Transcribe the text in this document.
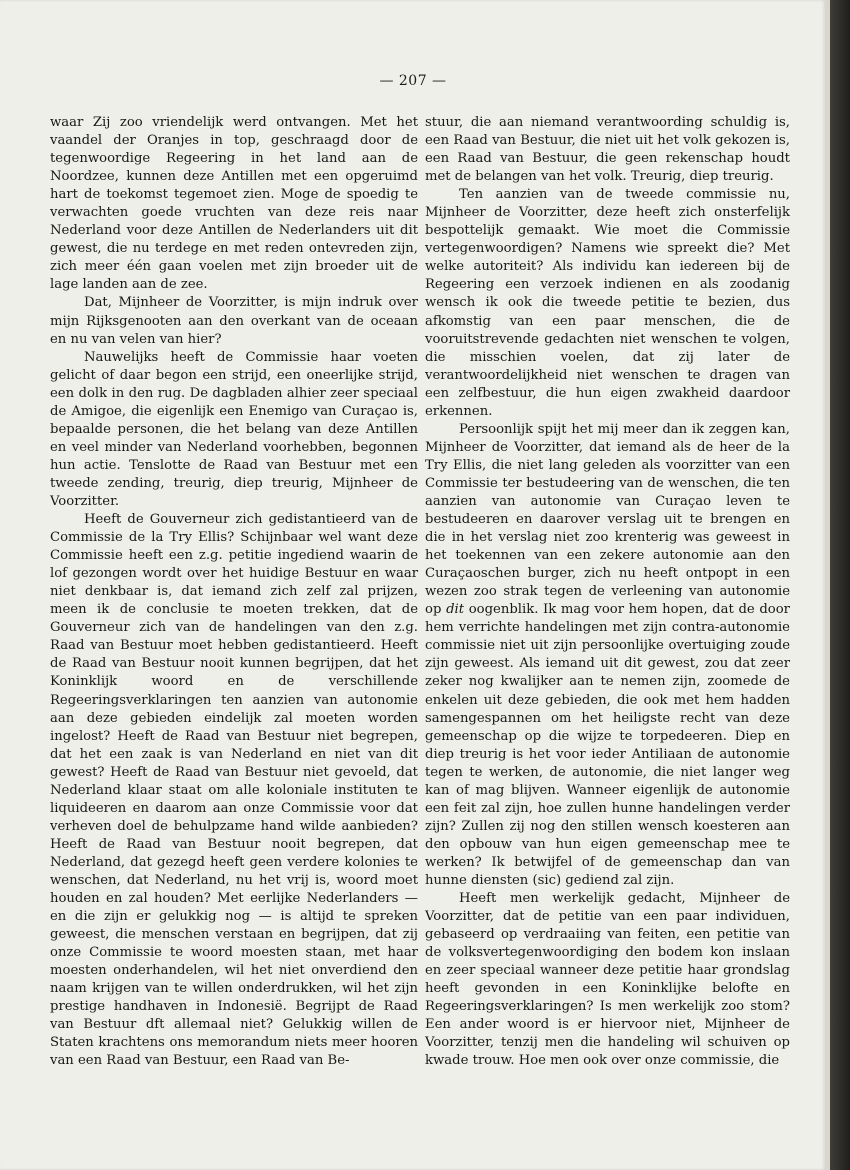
— 207 —

waar Zij zoo vriendelijk werd ontvangen. Met het vaandel der Oranjes in top, geschraagd door de tegenwoordige Regeering in het land aan de Noordzee, kunnen deze Antillen met een opgeruimd hart de toekomst tegemoet zien. Moge de spoedig te verwachten goede vruchten van deze reis naar Nederland voor deze Antillen de Nederlanders uit dit gewest, die nu terdege en met reden ontevreden zijn, zich meer één gaan voelen met zijn broeder uit de lage landen aan de zee.

Dat, Mijnheer de Voorzitter, is mijn indruk over mijn Rijksgenooten aan den overkant van de oceaan en nu van velen van hier?

Nauwelijks heeft de Commissie haar voeten gelicht of daar begon een strijd, een oneerlijke strijd, een dolk in den rug. De dagbladen alhier zeer speciaal de Amigoe, die eigenlijk een Enemigo van Curaçao is, bepaalde personen, die het belang van deze Antillen en veel minder van Nederland voorhebben, begonnen hun actie. Tenslotte de Raad van Bestuur met een tweede zending, treurig, diep treurig, Mijnheer de Voorzitter.

Heeft de Gouverneur zich gedistantieerd van de Commissie de la Try Ellis? Schijnbaar wel want deze Commissie heeft een z.g. petitie ingediend waarin de lof gezongen wordt over het huidige Bestuur en waar niet denkbaar is, dat iemand zich zelf zal prijzen, meen ik de conclusie te moeten trekken, dat de Gouverneur zich van de handelingen van den z.g. Raad van Bestuur moet hebben gedistantieerd. Heeft de Raad van Bestuur nooit kunnen begrijpen, dat het Koninklijk woord en de verschillende Regeeringsverklaringen ten aanzien van autonomie aan deze gebieden eindelijk zal moeten worden ingelost? Heeft de Raad van Bestuur niet begrepen, dat het een zaak is van Nederland en niet van dit gewest? Heeft de Raad van Bestuur niet gevoeld, dat Nederland klaar staat om alle koloniale instituten te liquideeren en daarom aan onze Commissie voor dat verheven doel de behulpzame hand wilde aanbieden? Heeft de Raad van Bestuur nooit begrepen, dat Nederland, dat gezegd heeft geen verdere kolonies te wenschen, dat Nederland, nu het vrij is, woord moet houden en zal houden? Met eerlijke Nederlanders — en die zijn er gelukkig nog — is altijd te spreken geweest, die menschen verstaan en begrijpen, dat zij onze Commissie te woord moesten staan, met haar moesten onderhandelen, wil het niet onverdiend den naam krijgen van te willen onderdrukken, wil het zijn prestige handhaven in Indonesië. Begrijpt de Raad van Bestuur dft allemaal niet? Gelukkig willen de Staten krachtens ons memorandum niets meer hooren van een Raad van Bestuur, een Raad van Be-

stuur, die aan niemand verantwoording schuldig is, een Raad van Bestuur, die niet uit het volk gekozen is, een Raad van Bestuur, die geen rekenschap houdt met de belangen van het volk. Treurig, diep treurig.

Ten aanzien van de tweede commissie nu, Mijnheer de Voorzitter, deze heeft zich onsterfelijk bespottelijk gemaakt. Wie moet die Commissie vertegenwoordigen? Namens wie spreekt die? Met welke autoriteit? Als individu kan iedereen bij de Regeering een verzoek indienen en als zoodanig wensch ik ook die tweede petitie te bezien, dus afkomstig van een paar menschen, die de vooruitstrevende gedachten niet wenschen te volgen, die misschien voelen, dat zij later de verantwoordelijkheid niet wenschen te dragen van een zelfbestuur, die hun eigen zwakheid daardoor erkennen.

Persoonlijk spijt het mij meer dan ik zeggen kan, Mijnheer de Voorzitter, dat iemand als de heer de la Try Ellis, die niet lang geleden als voorzitter van een Commissie ter bestudeering van de wenschen, die ten aanzien van autonomie van Curaçao leven te bestudeeren en daarover verslag uit te brengen en die in het verslag niet zoo krenterig was geweest in het toekennen van een zekere autonomie aan den Curaçaoschen burger, zich nu heeft ontpopt in een wezen zoo strak tegen de verleening van autonomie op dit oogenblik. Ik mag voor hem hopen, dat de door hem verrichte handelingen met zijn contra-autonomie commissie niet uit zijn persoonlijke overtuiging zoude zijn geweest. Als iemand uit dit gewest, zou dat zeer zeker nog kwalijker aan te nemen zijn, zoomede de enkelen uit deze gebieden, die ook met hem hadden samengespannen om het heiligste recht van deze gemeenschap op die wijze te torpedeeren. Diep en diep treurig is het voor ieder Antiliaan de autonomie tegen te werken, de autonomie, die niet langer weg kan of mag blijven. Wanneer eigenlijk de autonomie een feit zal zijn, hoe zullen hunne handelingen verder zijn? Zullen zij nog den stillen wensch koesteren aan den opbouw van hun eigen gemeenschap mee te werken? Ik betwijfel of de gemeenschap dan van hunne diensten (sic) gediend zal zijn.

Heeft men werkelijk gedacht, Mijnheer de Voorzitter, dat de petitie van een paar individuen, gebaseerd op verdraaiing van feiten, een petitie van de volksvertegenwoordiging den bodem kon inslaan en zeer speciaal wanneer deze petitie haar grondslag heeft gevonden in een Koninklijke belofte en Regeeringsverklaringen? Is men werkelijk zoo stom? Een ander woord is er hiervoor niet, Mijnheer de Voorzitter, tenzij men die handeling wil schuiven op kwade trouw. Hoe men ook over onze commissie, die
